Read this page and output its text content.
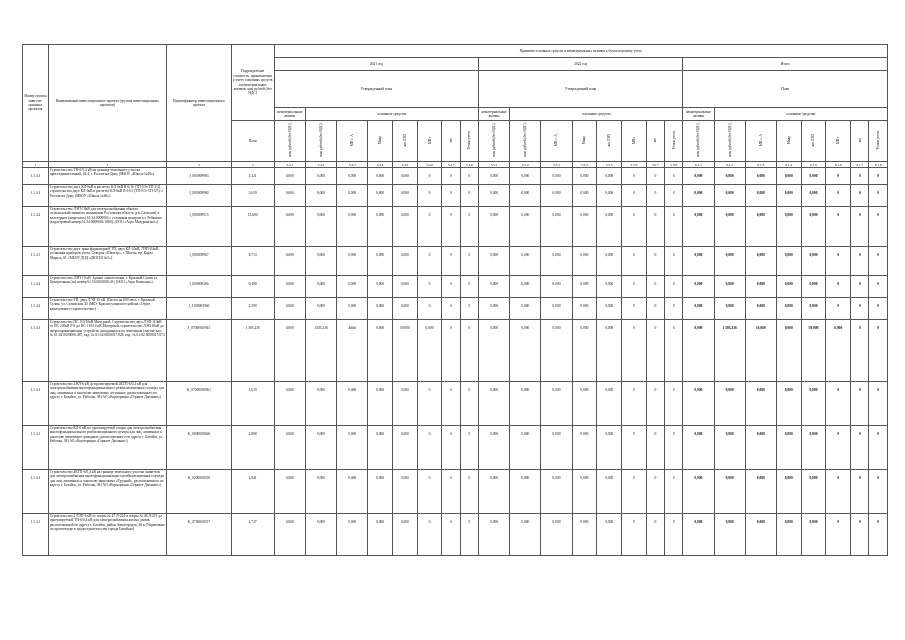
Номер группы инвести-ционных проектов	Наименование инвестиционного проекта (группы инвестиционных проектов)	Идентификатор инвестиционного проекта	Подразделение стоимость, принимаемых к учету основных средств и нематериальных активов, млн рублей (без НДС)	Принятие основных средств и нематериальных активов к бухгалтерскому учету																							
				2021 год								2022 год								Итого							
				Утвержденный план								Утвержденный план								План							
				нематериальные активы	основные средства							нематериальные активы	основные средства							нематериальные активы	основные средства						
			План	млн рублей (без НДС)	млн рублей (без НДС)	МВ×А	Мвар	км ЛЭП	МВт	шт	Точки учета	млн рублей (без НДС)	млн рублей (без НДС)	МВ×А	Мвар	км ЛЭП	МВт	шт	Точки учета	млн рублей (без НДС)	млн рублей (без НДС)	МВ×А	Мвар	км ЛЭП	МВт	шт	Точки учета
1	2	3	4	5.4.1	5.4.2	5.4.3	5.4.4	5.4.5	5.4.6	5.4.7	5.4.8	5.5.1	5.5.2	5.5.3	5.5.4	5.5.5	5.5.6	5.5.7	5.5.8	6.1.1	6.1.2	6.1.3	6.1.4	6.1.5	6.1.6	6.1.7	6.1.8
1.1.4.1	Строительство ТП-0/0.4 кВ на границе земельного участка присоединительный, 42/4, г. Ростов-на-Дону (МБОУ «Школа №40»)	J_000009983	5,121	0,000	0,000	0,000	0,000	0,000	0	0	0	0,000	0,000	0,000	0,000	0,000	0	0	0	0,000	0,000	0,000	0,000	0,000	0	0	0
1.1.4.1	Строительство двух КЛ-6кВ в расчетку КЛ-6кВ Я-6/1б (ТП-5/6+ТП 5/4), строительство двух КЛ-0кВ в расчетку КЛ-6кВ Я-1б/1 (ТП-5/5+ТП-5/5), г. Ростов-на-Дону (МБОУ «Школа №66»)	J_000009984	5,619	0,000	0,000	0,000	0,000	0,000	0	0	0	0,000	0,000	0,000	0,000	0,000	0	0	0	0,000	0,000	0,000	0,000	0,000	0	0	0
1.1.4.2	Строительство ЛЭП-10кВ для электроснабжения объекта сельскохозяйственного назначения Ростовская область, р-н Сальский, в кластерном (кварталах) 61:34:0000002 с условным центром в г. Ребякино (кадастровый номер 61:34:0000602:1886). (ООО «Агро Матуринское»)	J_000009915	15,600	0,000	0,000	0,000	0,000	0,000	0	0	0	0,000	0,000	0,000	0,000	0,000	0	0	0	0,000	0,000	0,000	0,000	0,000	0	0	0
1.1.4.1	Строительство двух трансформаторной ТП, двух КЛ-10кВ, ЛЭП-0.4кВ, установка приборов учета. Створок «Шахтер», г. Шахты, пр. Карла Маркса, 81. (МБОУ ДОД «ДЮСШ №5»).	J_000009967	8,713	0,000	0,000	0,000	0,000	0,000	0	0	0	0,000	0,000	0,000	0,000	0,000	0	0	0	0,000	0,000	0,000	0,000	0,000	0	0	0
1.1.4.2	Строительство ЛЭП-10 кВ. Здание «многоэтажн. г. Красный Сулин ул. Центральная (ха) номер 61:53:0000016:41) (ООО «Агро Компани»)	J_000009466	0,490	0,000	0,000	0,000	0,000	0,000	0	0	0	0,000	0,000	0,000	0,000	0,000	0	0	0	0,000	0,000	0,000	0,000	0,000	0	0	0
1.1.4.2	Строительство ТП, двух ЛЭП-10 кВ. Шахты на 600 мест, г. Красный Сулин, ул. Сулинская, 25 (МБУ Красносулинского района «Отдел капитального строительства»)	J_1100003960	2,590	0,000	0,000	0,000	0,000	0,000	0	0	0	0,000	0,000	0,000	0,000	0,000	0	0	0	0,000	0,000	0,000	0,000	0,000	0	0	0
1.1.4.1	Строительство ПС 110/10кВ Мичурной. Строительство двух ЛЭП-110кВ от ПС 220кВ Р-8 до ПС 110/10 кВ Мичурной, строительство ЛЭП 10кВ до энергопринимающих устройств, находящихся по земельном участке кад. № 61:02:0000000:487, кад. № 61:02:0000017:828, кад. № 61:02:0000017:674	J_0700000/943	1 305,236	0,000	1305,236	####	0,000	59,000	0,000	0	0	0,000	0,000	0,000	0,000	0,000	0	0	0	0,000	1 305,236	16,000	0,000	59,000	0,000	0	0
1.1.4.1	Строительство 2 ВЛ-6 кВ до проектируемой 2КТП-6/0,4 кВ для электроснабжения многофункционального реабилитационного центра для лиц, лишенных к алкоголю зависимых сегульных, расположенного по адресу г. Батайск, ул. Рабочая, 38 (АО «Корпорация «Горячее Дыхание»)	K_07000000561	1,619	0,000	0,000	0,000	0,000	0,000	0	0	0	0,000	0,000	0,000	0,000	0,000	0	0	0	0,000	0,000	0,000	0,000	0,000	0	0	0
1.1.4.1	Строительство КЛ-6 кВ по проектируемой опоры для электроснабжения многофункционального реабилитационного центра для лиц, лишенных к алкоголю зависимых гражданах, расположенного по адресу г. Батайск, ул. Рабочая, 38 (АО «Корпорация «Горячее Дыхание»)	K_0000000360	2,898	0,000	0,000	0,000	0,000	0,000	0	0	0	0,000	0,000	0,000	0,000	0,000	0	0	0	0,000	0,000	0,000	0,000	0,000	0	0	0
1.1.4.1	Строительство 2КТП-6/0,4 кВ на границе земельного участка заявителя для электроснабжения многофункционального реабилитационного центра для лиц, лишенных к алкоголю зависимых «Грудной», расположенного по адресу г. Батайск, ул. Рабочая, 38 (АО «Корпорация «Горячее Дыхание»)	K_0200000359	2,941	0,000	0,000	0,000	0,000	0,000	0	0	0	0,000	0,000	0,000	0,000	0,000	0	0	0	0,000	0,000	0,000	0,000	0,000	0	0	0
1.1.4.1	Строительство 2 ЛЭП-6 кВ от опоры № 47 Л-224 и опоры № 46 Л-215 до проектируемой ТП-6/0,4 кВ для электроснабжения жилых домов, расположенной по адресу г. Батайск, район Авиагородок, 46 к (Управление по архитектуре и градостроительству города Батайска)	K_0700000357	2,747	0,000	0,000	0,000	0,000	0,000	0	0	0	0,000	0,000	0,000	0,000	0,000	0	0	0	0,000	0,000	0,000	0,000	0,000	0	0	0
